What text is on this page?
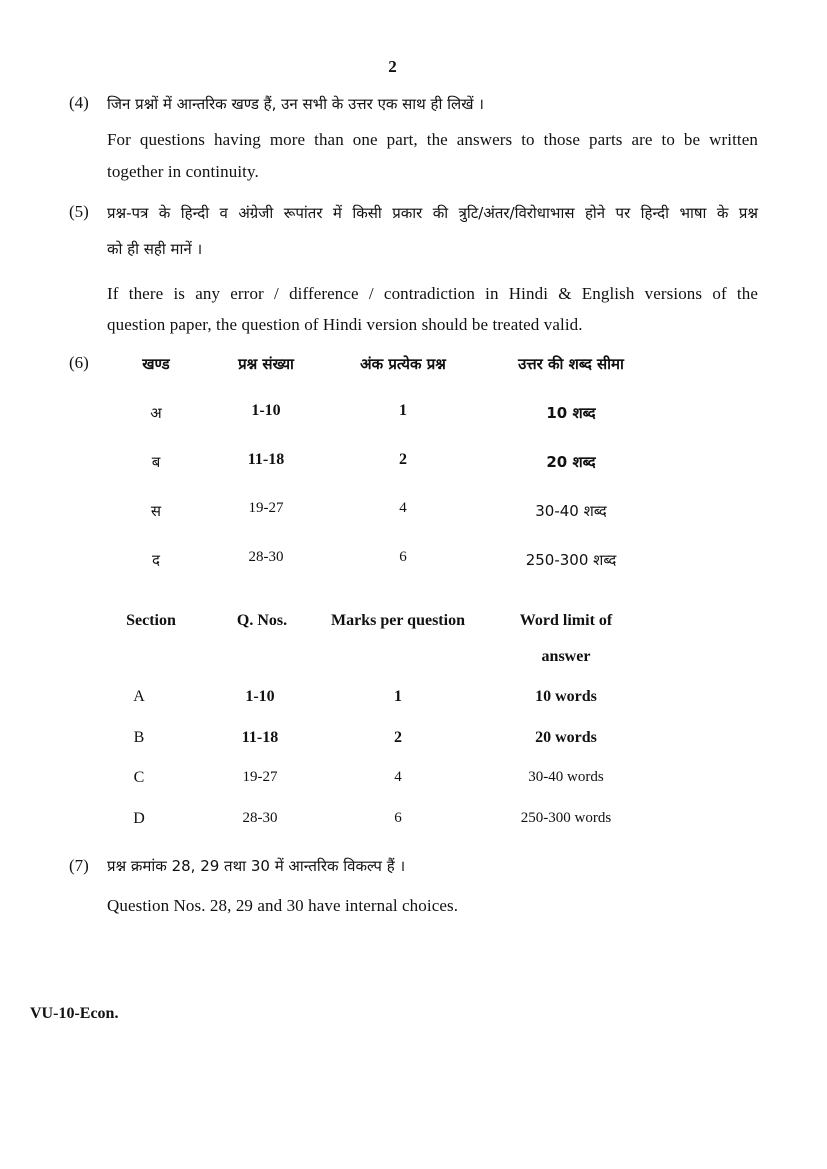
2
(4) जिन प्रश्नों में आन्तरिक खण्ड हैं, उन सभी के उत्तर एक साथ ही लिखें ।
For questions having more than one part, the answers to those parts are to be written
together in continuity.
(5) प्रश्न-पत्र के हिन्दी व अंग्रेजी रूपांतर में किसी प्रकार की त्रुटि/अंतर/विरोधाभास होने पर हिन्दी भाषा के प्रश्न
को ही सही मानें ।
If there is any error / difference / contradiction in Hindi & English versions of the
question paper, the question of Hindi version should be treated valid.
(6)	खण्ड	प्रश्न संख्या	अंक प्रत्येक प्रश्न	उत्तर की शब्द सीमा
अ	1-10	1	10 शब्द
ब	11-18	2	20 शब्द
स	19-27	4	30-40 शब्द
द	28-30	6	250-300 शब्द
Section	Q. Nos.	Marks per question	Word limit of
answer
A	1-10	1	10 words
B	11-18	2	20 words
C	19-27	4	30-40 words
D	28-30	6	250-300 words
(7) प्रश्न क्रमांक 28, 29 तथा 30 में आन्तरिक विकल्प हैं ।
Question Nos. 28, 29 and 30 have internal choices.
VU-10-Econ.
